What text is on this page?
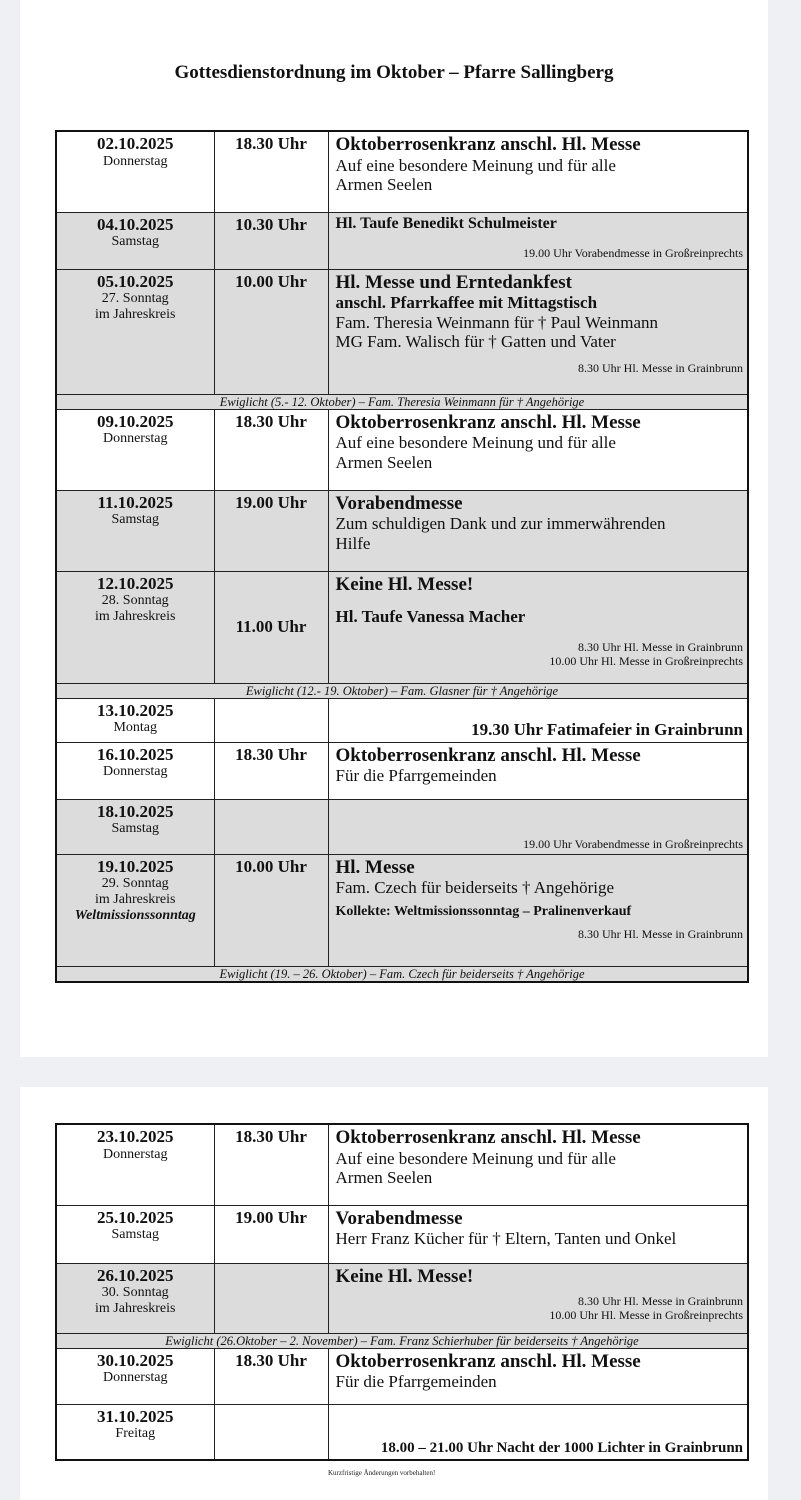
Gottesdienstordnung im Oktober – Pfarre Sallingberg
02.10.2025
Donnerstag	18.30 Uhr	Oktoberrosenkranz anschl. Hl. Messe
Auf eine besondere Meinung und für alle
Armen Seelen

04.10.2025
Samstag	10.30 Uhr	Hl. Taufe Benedikt Schulmeister
19.00 Uhr Vorabendmesse in Großreinprechts

05.10.2025
27. Sonntag
im Jahreskreis	10.00 Uhr	Hl. Messe und Erntedankfest
anschl. Pfarrkaffee mit Mittagstisch
Fam. Theresia Weinmann für † Paul Weinmann
MG Fam. Walisch für † Gatten und Vater
8.30 Uhr Hl. Messe in Grainbrunn

Ewiglicht (5.- 12. Oktober) – Fam. Theresia Weinmann für † Angehörige		

09.10.2025
Donnerstag	18.30 Uhr	Oktoberrosenkranz anschl. Hl. Messe
Auf eine besondere Meinung und für alle
Armen Seelen

11.10.2025
Samstag	19.00 Uhr	Vorabendmesse
Zum schuldigen Dank und zur immerwährenden
Hilfe

12.10.2025
28. Sonntag
im Jahreskreis	11.00 Uhr	Keine Hl. Messe!
Hl. Taufe Vanessa Macher
8.30 Uhr Hl. Messe in Grainbrunn
10.00 Uhr Hl. Messe in Großreinprechts

Ewiglicht (12.- 19. Oktober) – Fam. Glasner für † Angehörige		

13.10.2025
Montag		19.30 Uhr Fatimafeier in Grainbrunn

16.10.2025
Donnerstag	18.30 Uhr	Oktoberrosenkranz anschl. Hl. Messe
Für die Pfarrgemeinden

18.10.2025
Samstag		19.00 Uhr Vorabendmesse in Großreinprechts

19.10.2025
29. Sonntag
im Jahreskreis
Weltmissionssonntag	10.00 Uhr	Hl. Messe
Fam. Czech für beiderseits † Angehörige
Kollekte: Weltmissionssonntag – Pralinenverkauf
8.30 Uhr Hl. Messe in Grainbrunn

Ewiglicht (19. – 26. Oktober) – Fam. Czech für beiderseits † Angehörige		
23.10.2025
Donnerstag	18.30 Uhr	Oktoberrosenkranz anschl. Hl. Messe
Auf eine besondere Meinung und für alle
Armen Seelen

25.10.2025
Samstag	19.00 Uhr	Vorabendmesse
Herr Franz Kücher für † Eltern, Tanten und Onkel

26.10.2025
30. Sonntag
im Jahreskreis		Keine Hl. Messe!
8.30 Uhr Hl. Messe in Grainbrunn
10.00 Uhr Hl. Messe in Großreinprechts

Ewiglicht (26.Oktober – 2. November) – Fam. Franz Schierhuber für beiderseits † Angehörige		

30.10.2025
Donnerstag	18.30 Uhr	Oktoberrosenkranz anschl. Hl. Messe
Für die Pfarrgemeinden

31.10.2025
Freitag		18.00 – 21.00 Uhr Nacht der 1000 Lichter in Grainbrunn
Kurzfristige Änderungen vorbehalten!
